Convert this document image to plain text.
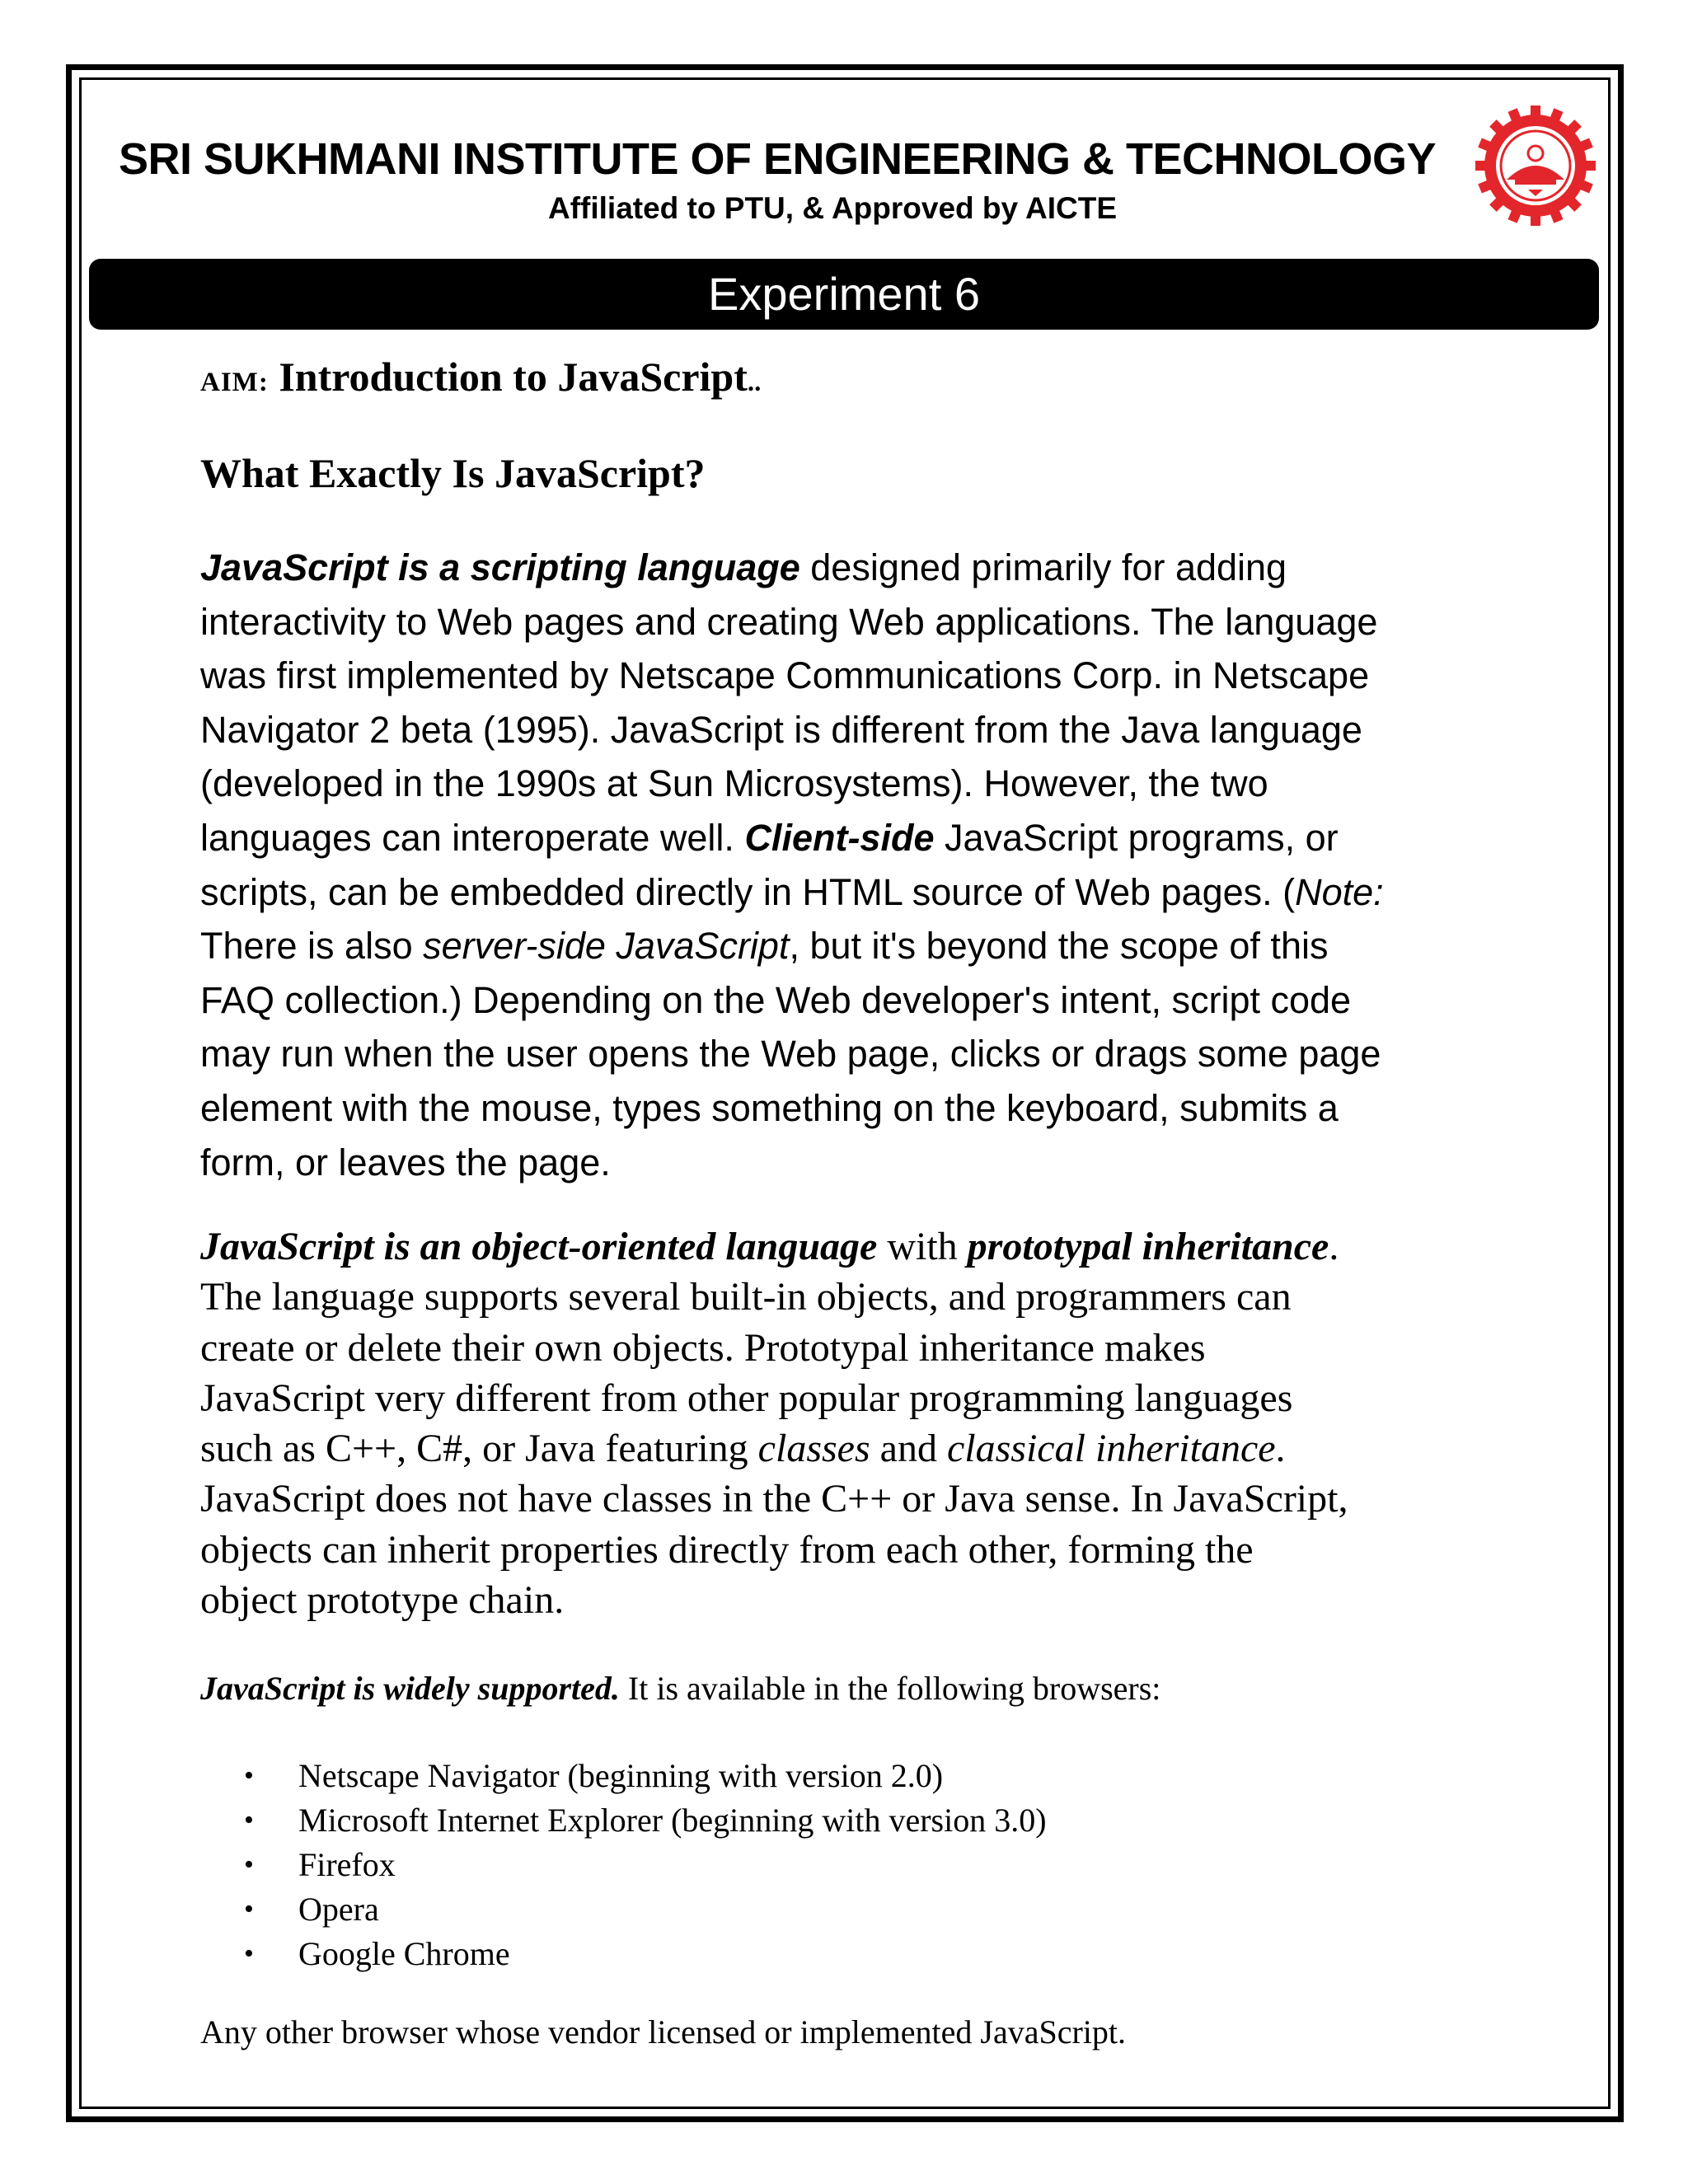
SRI SUKHMANI INSTITUTE OF ENGINEERING & TECHNOLOGY
Affiliated to PTU, & Approved by AICTE
Experiment 6
AIM: Introduction to JavaScript..
What Exactly Is JavaScript?
JavaScript is a scripting language designed primarily for adding
interactivity to Web pages and creating Web applications. The language
was first implemented by Netscape Communications Corp. in Netscape
Navigator 2 beta (1995). JavaScript is different from the Java language
(developed in the 1990s at Sun Microsystems). However, the two
languages can interoperate well. Client-side JavaScript programs, or
scripts, can be embedded directly in HTML source of Web pages. (Note:
There is also server-side JavaScript, but it's beyond the scope of this
FAQ collection.) Depending on the Web developer's intent, script code
may run when the user opens the Web page, clicks or drags some page
element with the mouse, types something on the keyboard, submits a
form, or leaves the page.
JavaScript is an object-oriented language with prototypal inheritance.
The language supports several built-in objects, and programmers can
create or delete their own objects. Prototypal inheritance makes
JavaScript very different from other popular programming languages
such as C++, C#, or Java featuring classes and classical inheritance.
JavaScript does not have classes in the C++ or Java sense. In JavaScript,
objects can inherit properties directly from each other, forming the
object prototype chain.
JavaScript is widely supported. It is available in the following browsers:
• Netscape Navigator (beginning with version 2.0)
• Microsoft Internet Explorer (beginning with version 3.0)
• Firefox
• Opera
• Google Chrome
Any other browser whose vendor licensed or implemented JavaScript.
